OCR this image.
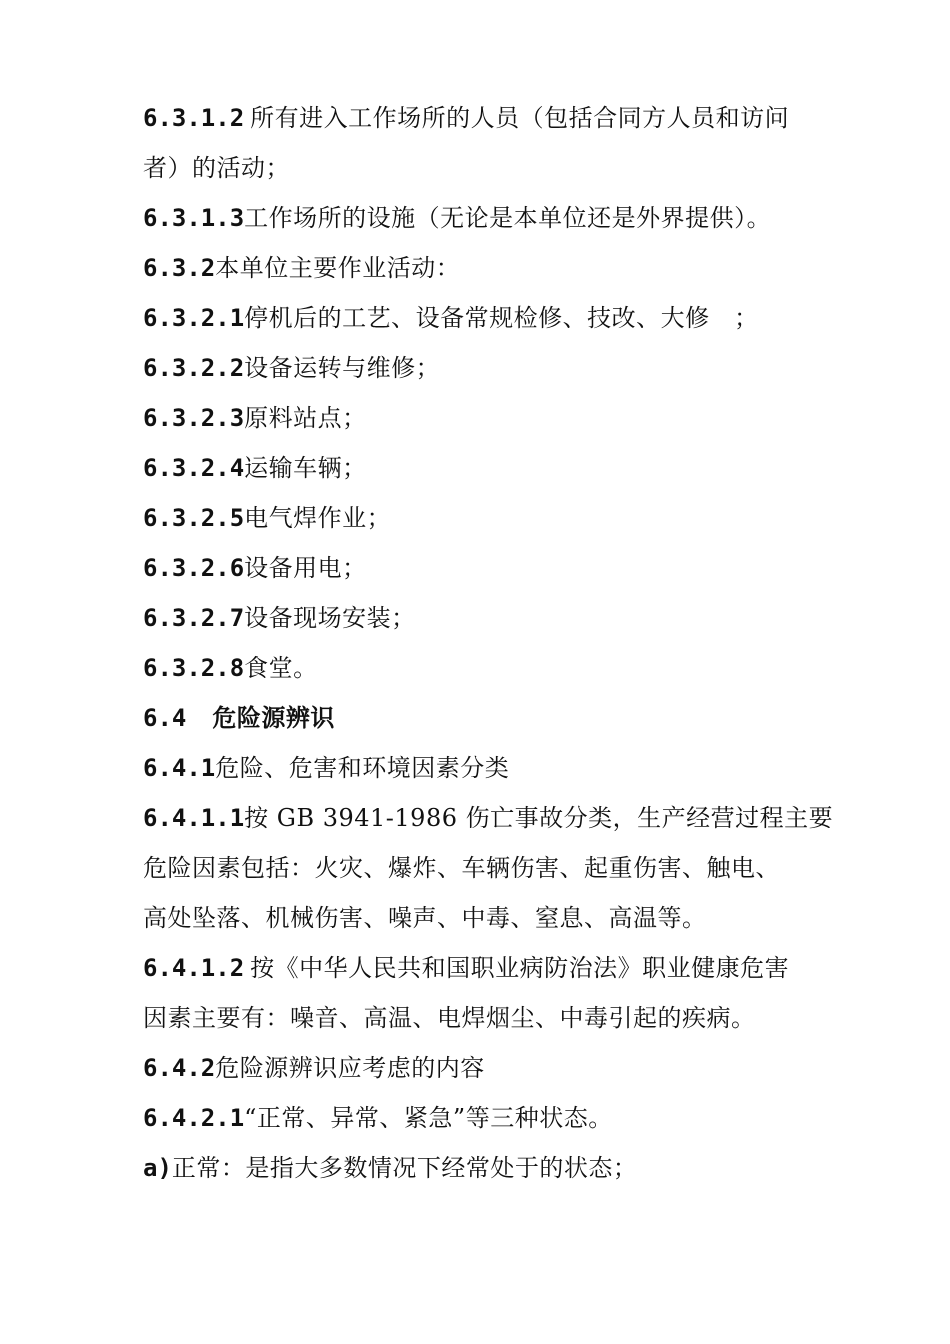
6.3.1.2 所有进入工作场所的人员（包括合同方人员和访问
者）的活动；
6.3.1.3工作场所的设施（无论是本单位还是外界提供）。
6.3.2本单位主要作业活动：
6.3.2.1停机后的工艺、设备常规检修、技改、大修　；
6.3.2.2设备运转与维修；
6.3.2.3原料站点；
6.3.2.4运输车辆；
6.3.2.5电气焊作业；
6.3.2.6设备用电；
6.3.2.7设备现场安装；
6.3.2.8食堂。
6.4 危险源辨识
6.4.1危险、危害和环境因素分类
6.4.1.1按 GB 3941-1986 伤亡事故分类，生产经营过程主要
危险因素包括：火灾、爆炸、车辆伤害、起重伤害、触电、
高处坠落、机械伤害、噪声、中毒、窒息、高温等。
6.4.1.2 按《中华人民共和国职业病防治法》职业健康危害
因素主要有：噪音、高温、电焊烟尘、中毒引起的疾病。
6.4.2危险源辨识应考虑的内容
6.4.2.1“正常、异常、紧急”等三种状态。
a)正常：是指大多数情况下经常处于的状态；
